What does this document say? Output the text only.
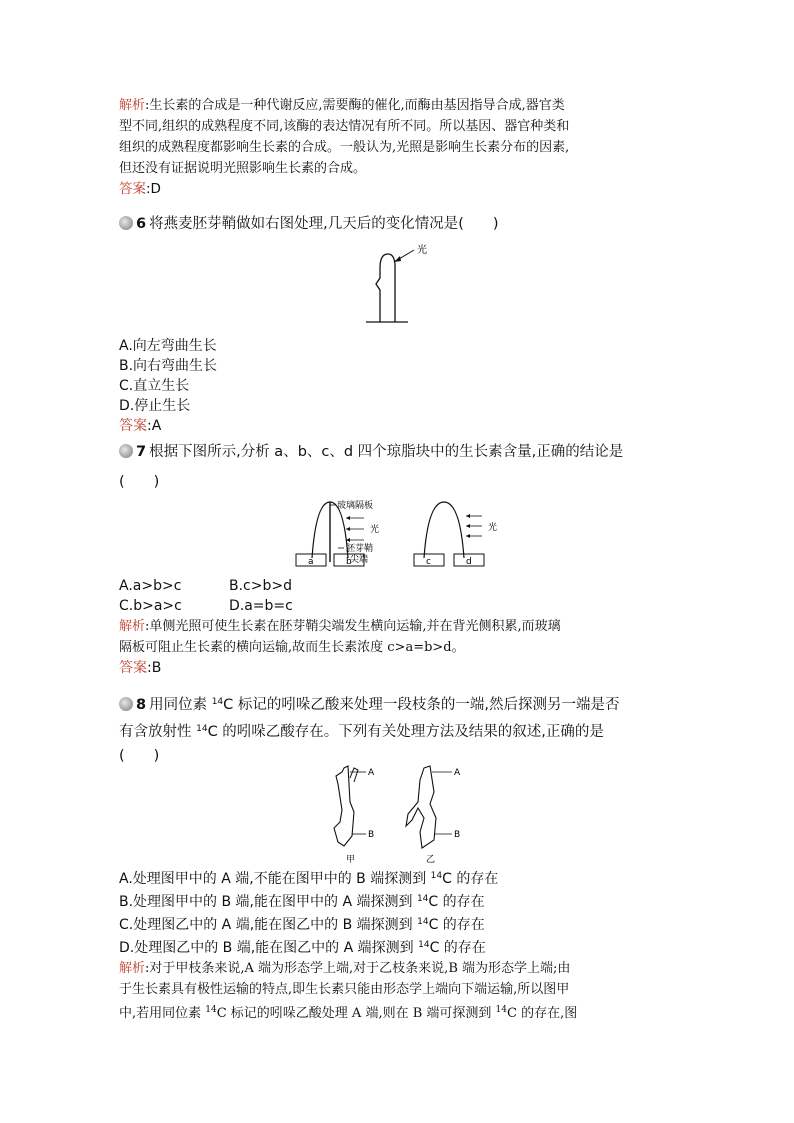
解析:生长素的合成是一种代谢反应,需要酶的催化,而酶由基因指导合成,器官类
型不同,组织的成熟程度不同,该酶的表达情况有所不同。所以基因、器官种类和
组织的成熟程度都影响生长素的合成。一般认为,光照是影响生长素分布的因素,
但还没有证据说明光照影响生长素的合成。
答案:D
6 将燕麦胚芽鞘做如右图处理,几天后的变化情况是(　　)
光
A.向左弯曲生长
B.向右弯曲生长
C.直立生长
D.停止生长
答案:A
7 根据下图所示,分析 a、b、c、d 四个琼脂块中的生长素含量,正确的结论是
(　　)
a	b
玻璃隔板
光
胚芽鞘
尖端	c	d
光
A.a>b>c	B.c>b>d
C.b>a>c	D.a=b=c
解析:单侧光照可使生长素在胚芽鞘尖端发生横向运输,并在背光侧积累,而玻璃
隔板可阻止生长素的横向运输,故而生长素浓度 c>a=b>d。
答案:B
8 用同位素 $^{14}$C 标记的吲哚乙酸来处理一段枝条的一端,然后探测另一端是否
有含放射性 $^{14}$C 的吲哚乙酸存在。下列有关处理方法及结果的叙述,正确的是
(　　)
A
B
甲
A
B
乙
A.处理图甲中的 A 端,不能在图甲中的 B 端探测到 $^{14}$C 的存在
B.处理图甲中的 B 端,能在图甲中的 A 端探测到 $^{14}$C 的存在
C.处理图乙中的 A 端,能在图乙中的 B 端探测到 $^{14}$C 的存在
D.处理图乙中的 B 端,能在图乙中的 A 端探测到 $^{14}$C 的存在
解析:对于甲枝条来说,A 端为形态学上端,对于乙枝条来说,B 端为形态学上端;由
于生长素具有极性运输的特点,即生长素只能由形态学上端向下端运输,所以图甲
中,若用同位素 $^{14}$C 标记的吲哚乙酸处理 A 端,则在 B 端可探测到 $^{14}$C 的存在,图
